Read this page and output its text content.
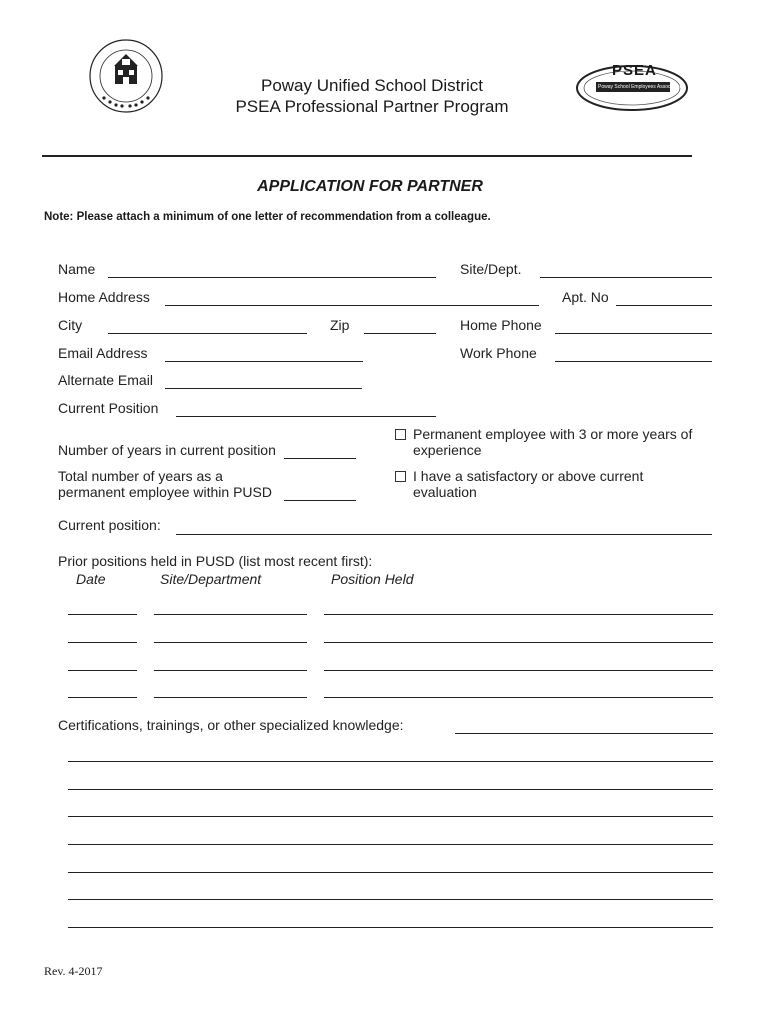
Poway Unified School District
PSEA Professional Partner Program
PSEA
Poway School Employees Association
APPLICATION FOR PARTNER
Note: Please attach a minimum of one letter of recommendation from a colleague.
Name	Site/Dept.
Home Address	Apt. No
City	Zip	Home Phone
Email Address	Work Phone
Alternate Email
Current Position
Number of years in current position
Total number of years as a
permanent employee within PUSD
Permanent employee with 3 or more years of
experience
I have a satisfactory or above current
evaluation
Current position:
Prior positions held in PUSD (list most recent first):
Date	Site/Department	Position Held
Certifications, trainings, or other specialized knowledge:
Rev. 4-2017
